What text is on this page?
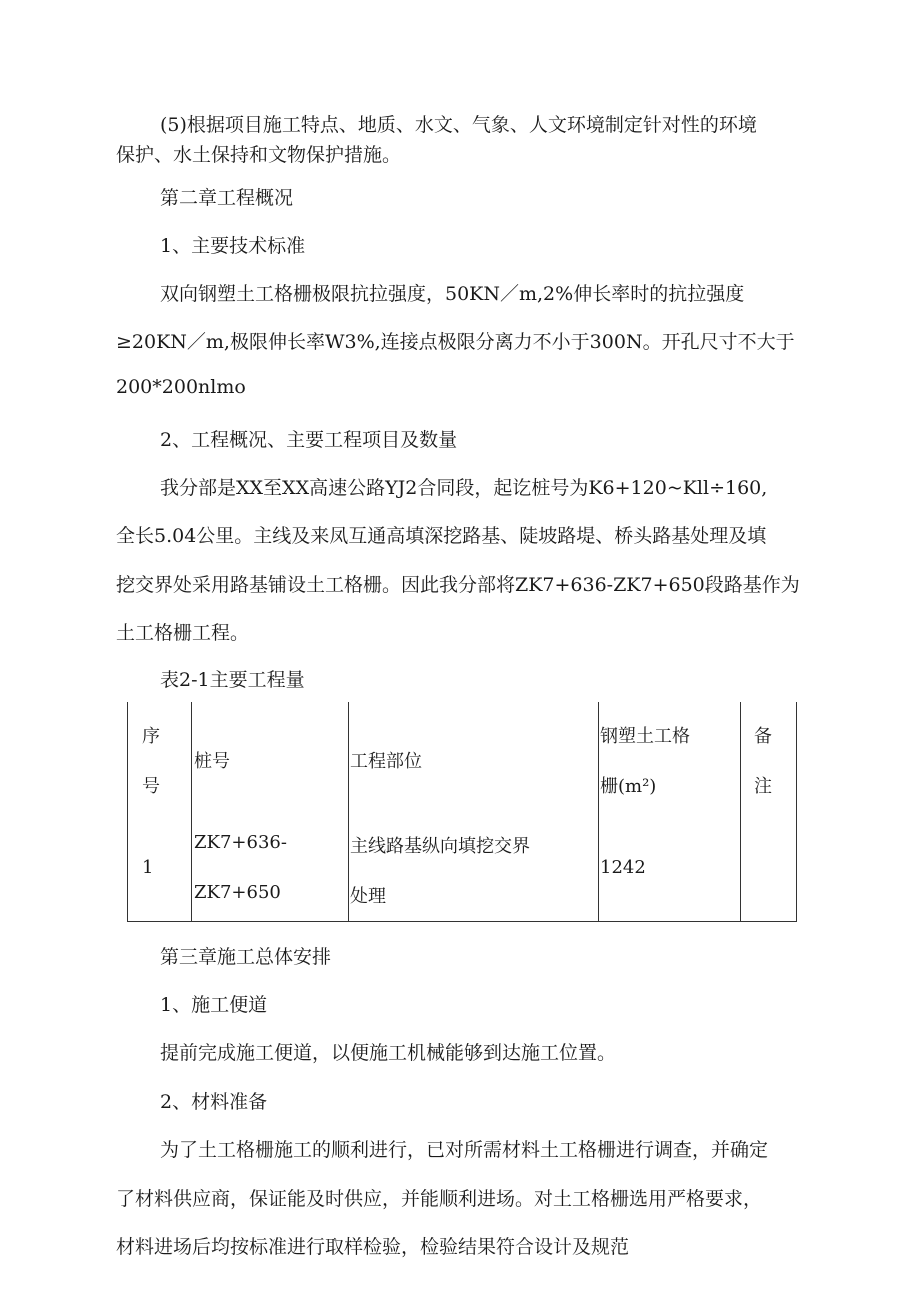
(5)根据项目施工特点、地质、水文、气象、人文环境制定针对性的环境
保护、水土保持和文物保护措施。
第二章工程概况
1、主要技术标准
双向钢塑土工格栅极限抗拉强度，50KN／m,2%伸长率时的抗拉强度
≥20KN／m,极限伸长率W3%,连接点极限分离力不小于300N。开孔尺寸不大于
200*200nlmo
2、工程概况、主要工程项目及数量
我分部是XX至XX高速公路YJ2合同段，起讫桩号为K6+120~Kll÷160,
全长5.04公里。主线及来凤互通高填深挖路基、陡坡路堤、桥头路基处理及填
挖交界处采用路基铺设土工格栅。因此我分部将ZK7+636-ZK7+650段路基作为
土工格栅工程。
表2-1主要工程量
序
号
桩号	工程部位
钢塑土工格
栅(m²)
备
注
1
ZK7+636-
ZK7+650
主线路基纵向填挖交界
处理
1242
第三章施工总体安排
1、施工便道
提前完成施工便道，以便施工机械能够到达施工位置。
2、材料准备
为了土工格栅施工的顺利进行，已对所需材料土工格栅进行调查，并确定
了材料供应商，保证能及时供应，并能顺利进场。对土工格栅选用严格要求，
材料进场后均按标准进行取样检验，检验结果符合设计及规范
